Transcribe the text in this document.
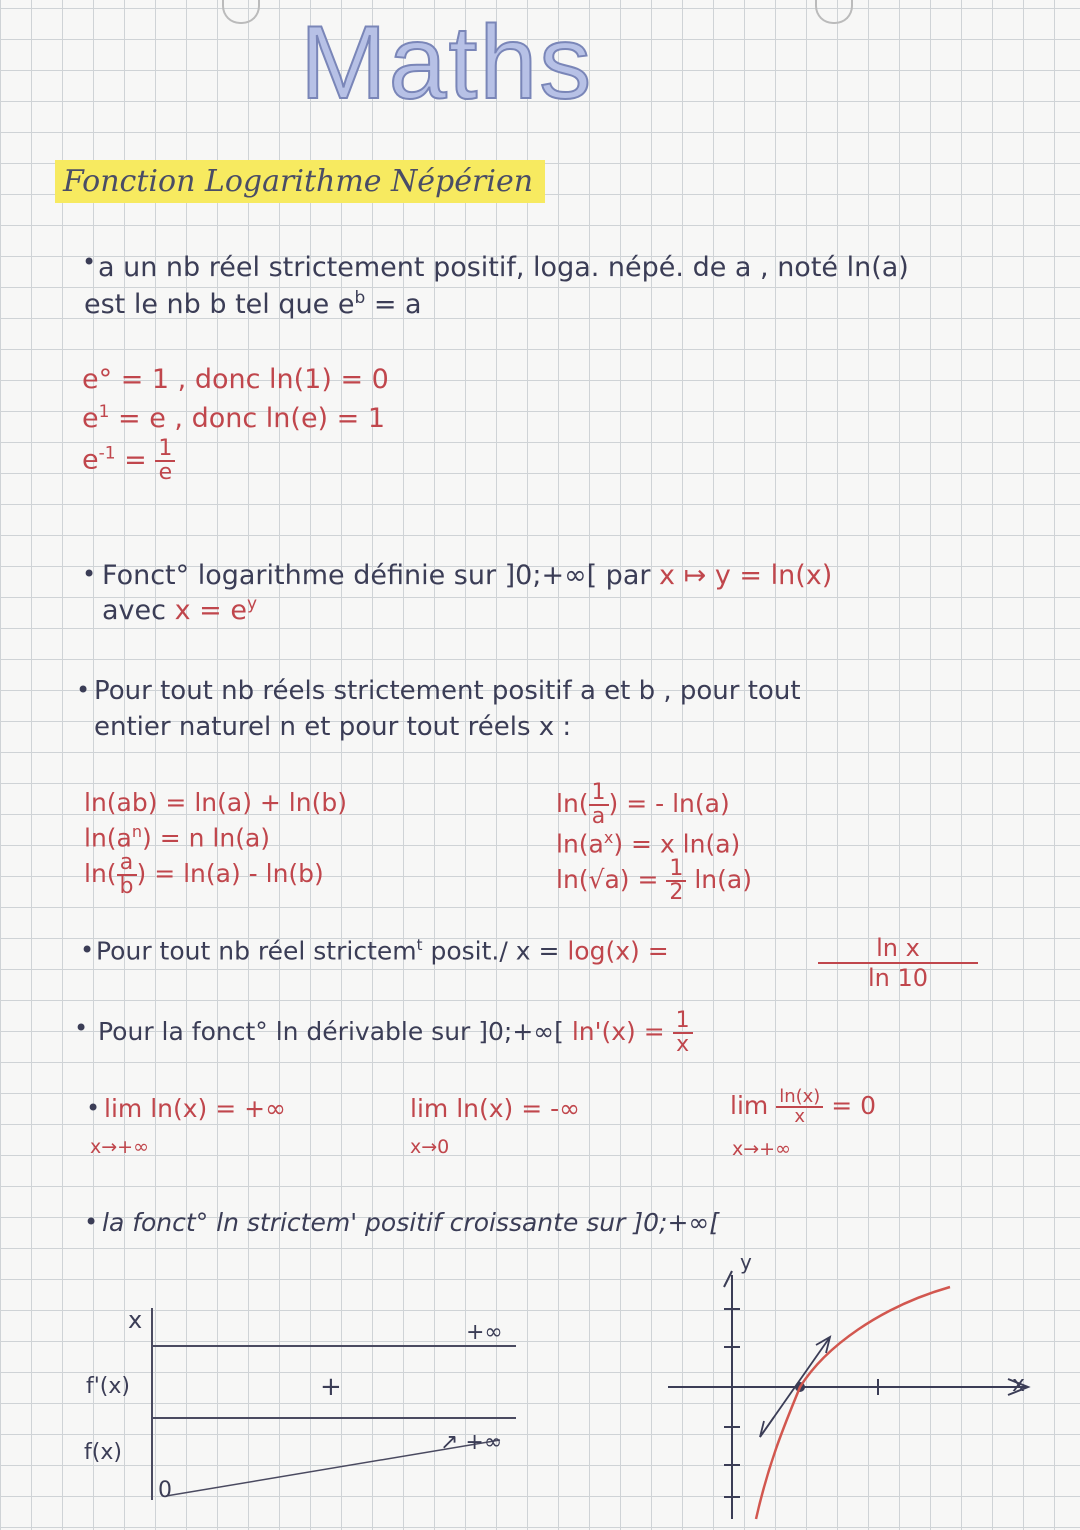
Maths
Fonction Logarithme Népérien
• a un nb réel strictement positif, loga. népé. de a , noté ln(a)
est le nb b tel que $e^b = a$
e° = 1 , donc ln(1) = 0
$e^1 = e$ , donc ln(e) = 1
$e^{-1} = \frac{1}{e}$
• Fonct° logarithme définie sur ]0;+∞[ par x ↦ y = ln(x)
avec $x = e^y$
• Pour tout nb réels strictement positif a et b , pour tout
entier naturel n et pour tout réels x :
ln(ab) = ln(a) + ln(b)
$\ln(a^n) = n$ ln(a)
$\ln( \frac{a}{b}$ ) = ln(a) - ln(b)
$\ln( \frac{1}{a}$ ) = - ln(a)
$\ln(a^x) = x$ ln(a)
$\ln(√a) = \frac{1}{2} \ln(a)$
• Pour tout nb réel strictem$^t$ posit./ x = log(x) =	ln x
ln 10
• Pour la fonct° ln dérivable sur ]0;+∞[ $\ln'(x) = \frac{1}{x}$
• lim ln(x) = +∞
x→+∞
lim ln(x) = -∞
x→0
$\lim \frac{\ln(x)}{x} = 0$
x→+∞
• la fonct° ln strictem' positif croissante sur ]0;+∞[
x
f'(x)
f(x)
+∞
+
0
↗ +∞
y
x
